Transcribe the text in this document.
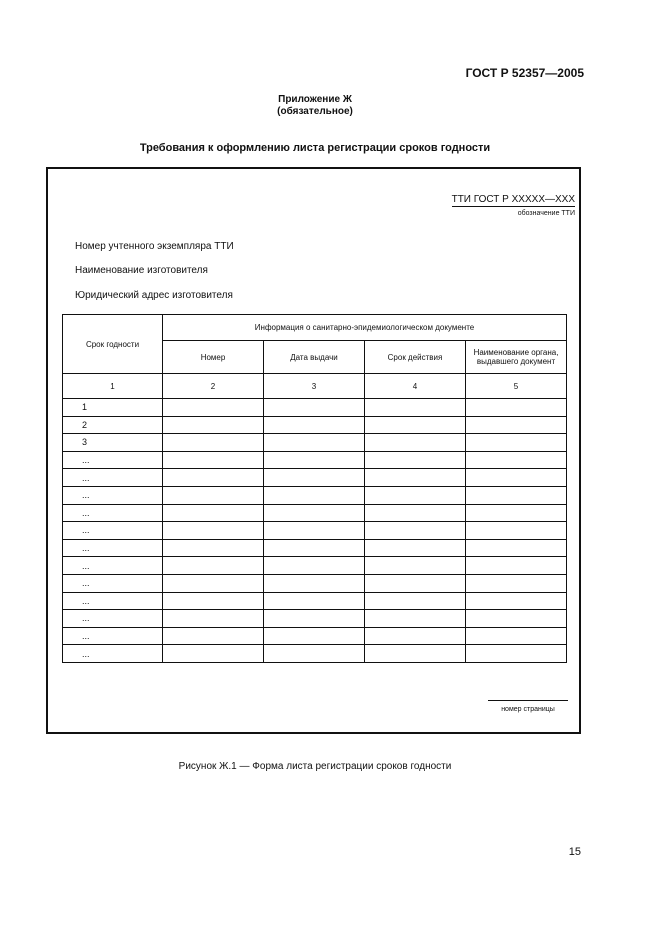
ГОСТ Р 52357—2005
Приложение Ж
(обязательное)
Требования к оформлению листа регистрации сроков годности
ТТИ ГОСТ Р XXXXX—XXX
обозначение ТТИ
Номер учтенного экземпляра ТТИ
Наименование изготовителя
Юридический адрес изготовителя
Срок годности	Информация о санитарно-эпидемиологическом документе			
	Номер	Дата выдачи	Срок действия	Наименование органа, выдавшего документ
1	2	3	4	5
1				
2				
3				
...				
...				
...				
...				
...				
...				
...				
...				
...				
...				
...				
...				
номер страницы
Рисунок Ж.1 — Форма листа регистрации сроков годности
15
